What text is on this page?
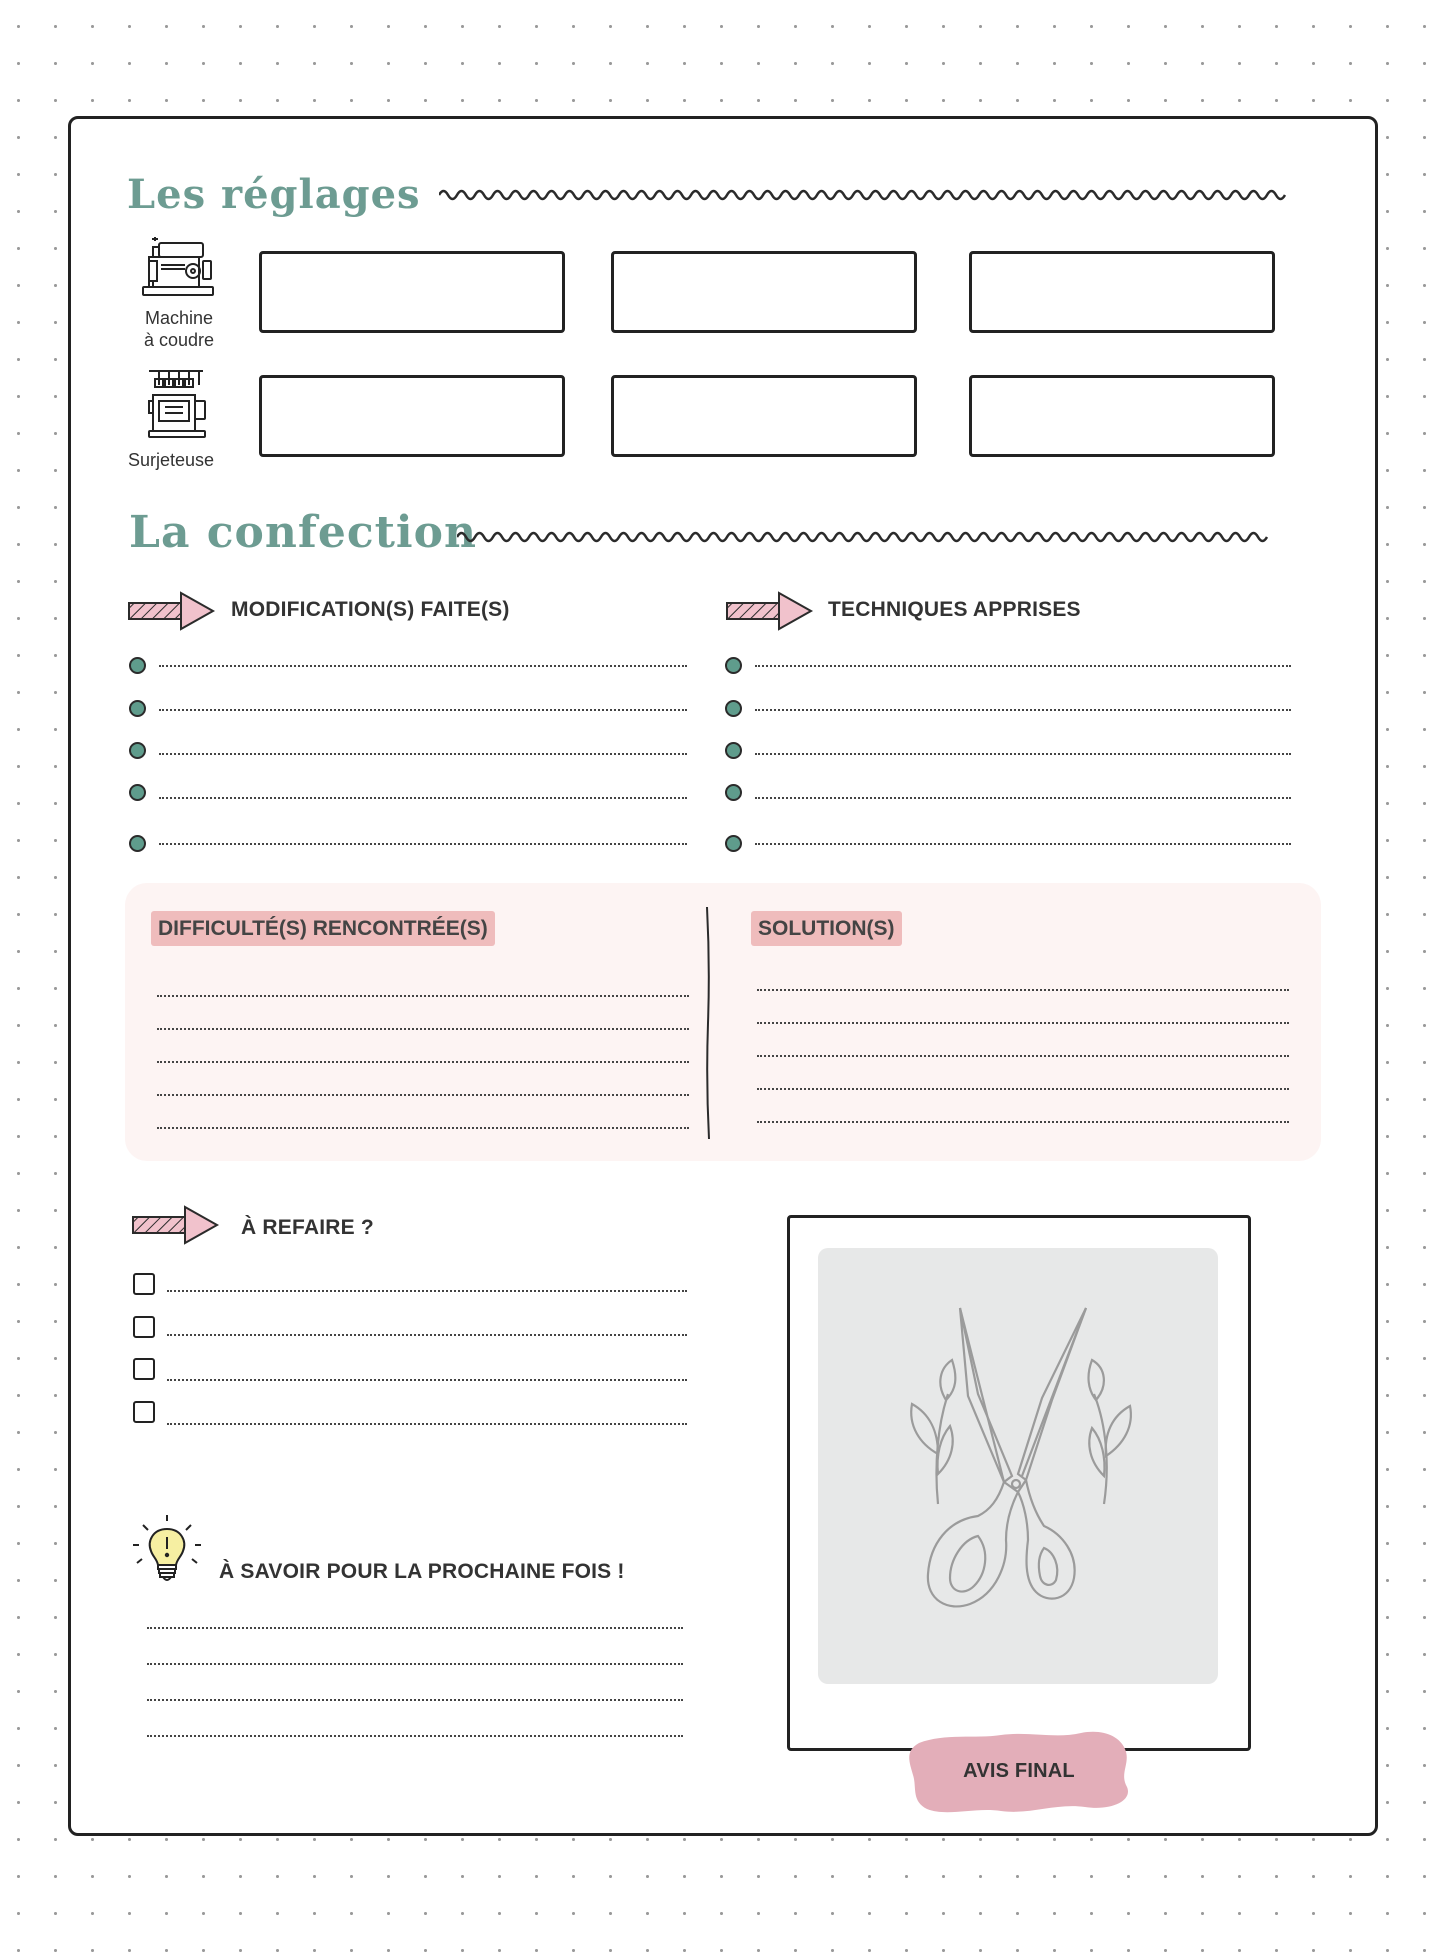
Les réglages
Machine
à coudre
Surjeteuse
La confection
MODIFICATION(S) FAITE(S)	TECHNIQUES APPRISES
DIFFICULTÉ(S) RENCONTRÉE(S)	SOLUTION(S)
À REFAIRE ?
À SAVOIR POUR LA PROCHAINE FOIS !
AVIS FINAL
